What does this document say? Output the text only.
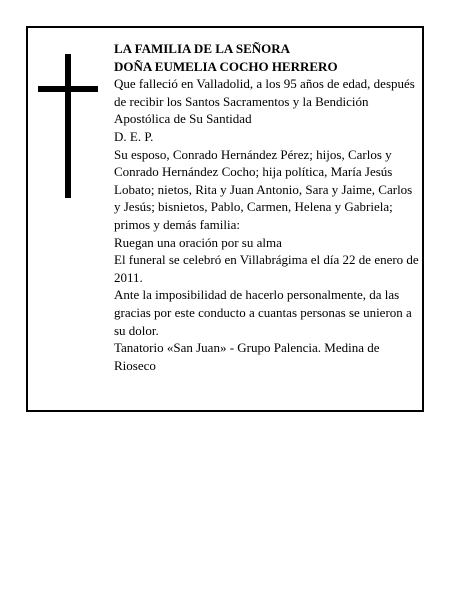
LA FAMILIA DE LA SEÑORA

DOÑA EUMELIA COCHO HERRERO

Que falleció en Valladolid, a los 95 años de edad, después de recibir los Santos Sacramentos y la Bendición Apostólica de Su Santidad

D. E. P.

Su esposo, Conrado Hernández Pérez; hijos, Carlos y Conrado Hernández Cocho; hija política, María Jesús Lobato; nietos, Rita y Juan Antonio, Sara y Jaime, Carlos y Jesús; bisnietos, Pablo, Carmen, Helena y Gabriela; primos y demás familia:

Ruegan una oración por su alma

El funeral se celebró en Villabrágima el día 22 de enero de 2011.

Ante la imposibilidad de hacerlo personalmente, da las gracias por este conducto a cuantas personas se unieron a su dolor.

Tanatorio «San Juan» - Grupo Palencia. Medina de Rioseco
